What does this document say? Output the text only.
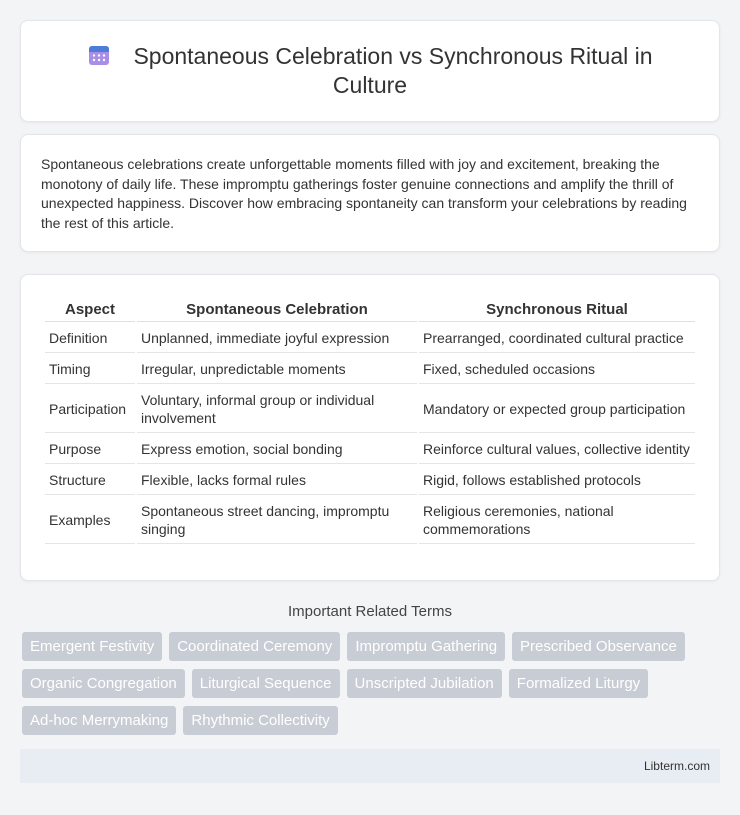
Spontaneous Celebration vs Synchronous Ritual in Culture

Spontaneous celebrations create unforgettable moments filled with joy and excitement, breaking the monotony of daily life. These impromptu gatherings foster genuine connections and amplify the thrill of unexpected happiness. Discover how embracing spontaneity can transform your celebrations by reading the rest of this article.

Aspect	Spontaneous Celebration	Synchronous Ritual
Definition	Unplanned, immediate joyful expression	Prearranged, coordinated cultural practice
Timing	Irregular, unpredictable moments	Fixed, scheduled occasions
Participation	Voluntary, informal group or individual involvement	Mandatory or expected group participation
Purpose	Express emotion, social bonding	Reinforce cultural values, collective identity
Structure	Flexible, lacks formal rules	Rigid, follows established protocols
Examples	Spontaneous street dancing, impromptu singing	Religious ceremonies, national commemorations
Important Related Terms
Emergent Festivity	Coordinated Ceremony	Impromptu Gathering	Prescribed Observance
Organic Congregation	Liturgical Sequence	Unscripted Jubilation	Formalized Liturgy
Ad-hoc Merrymaking	Rhythmic Collectivity
Libterm.com
